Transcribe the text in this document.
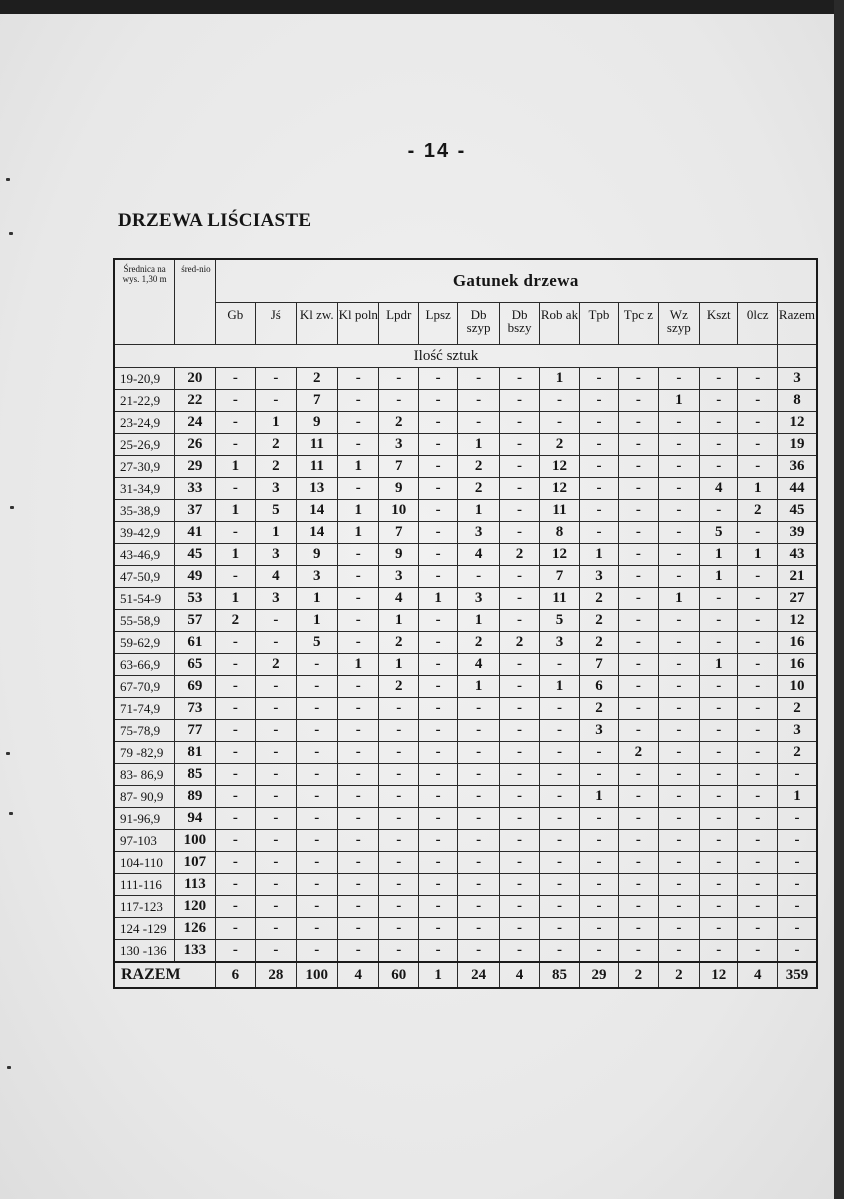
- 14 -
DRZEWA LIŚCIASTE
Średnica na wys. 1,30 m	śred-nio	Gatunek drzewa														
		Gb	Jś	Kl zw.	Kl poln	Lpdr	Lpsz	Db szyp	Db bszy	Rob ak	Tpb	Tpc z	Wz szyp	Kszt	0lcz	Razem
Ilość sztuk																
19-20,9	20	-	-	2	-	-	-	-	-	1	-	-	-	-	-	3
21-22,9	22	-	-	7	-	-	-	-	-	-	-	-	1	-	-	8
23-24,9	24	-	1	9	-	2	-	-	-	-	-	-	-	-	-	12
25-26,9	26	-	2	11	-	3	-	1	-	2	-	-	-	-	-	19
27-30,9	29	1	2	11	1	7	-	2	-	12	-	-	-	-	-	36
31-34,9	33	-	3	13	-	9	-	2	-	12	-	-	-	4	1	44
35-38,9	37	1	5	14	1	10	-	1	-	11	-	-	-	-	2	45
39-42,9	41	-	1	14	1	7	-	3	-	8	-	-	-	5	-	39
43-46,9	45	1	3	9	-	9	-	4	2	12	1	-	-	1	1	43
47-50,9	49	-	4	3	-	3	-	-	-	7	3	-	-	1	-	21
51-54-9	53	1	3	1	-	4	1	3	-	11	2	-	1	-	-	27
55-58,9	57	2	-	1	-	1	-	1	-	5	2	-	-	-	-	12
59-62,9	61	-	-	5	-	2	-	2	2	3	2	-	-	-	-	16
63-66,9	65	-	2	-	1	1	-	4	-	-	7	-	-	1	-	16
67-70,9	69	-	-	-	-	2	-	1	-	1	6	-	-	-	-	10
71-74,9	73	-	-	-	-	-	-	-	-	-	2	-	-	-	-	2
75-78,9	77	-	-	-	-	-	-	-	-	-	3	-	-	-	-	3
79 -82,9	81	-	-	-	-	-	-	-	-	-	-	2	-	-	-	2
83- 86,9	85	-	-	-	-	-	-	-	-	-	-	-	-	-	-	-
87- 90,9	89	-	-	-	-	-	-	-	-	-	1	-	-	-	-	1
91-96,9	94	-	-	-	-	-	-	-	-	-	-	-	-	-	-	-
97-103	100	-	-	-	-	-	-	-	-	-	-	-	-	-	-	-
104-110	107	-	-	-	-	-	-	-	-	-	-	-	-	-	-	-
111-116	113	-	-	-	-	-	-	-	-	-	-	-	-	-	-	-
117-123	120	-	-	-	-	-	-	-	-	-	-	-	-	-	-	-
124 -129	126	-	-	-	-	-	-	-	-	-	-	-	-	-	-	-
130 -136	133	-	-	-	-	-	-	-	-	-	-	-	-	-	-	-
RAZEM		6	28	100	4	60	1	24	4	85	29	2	2	12	4	359
